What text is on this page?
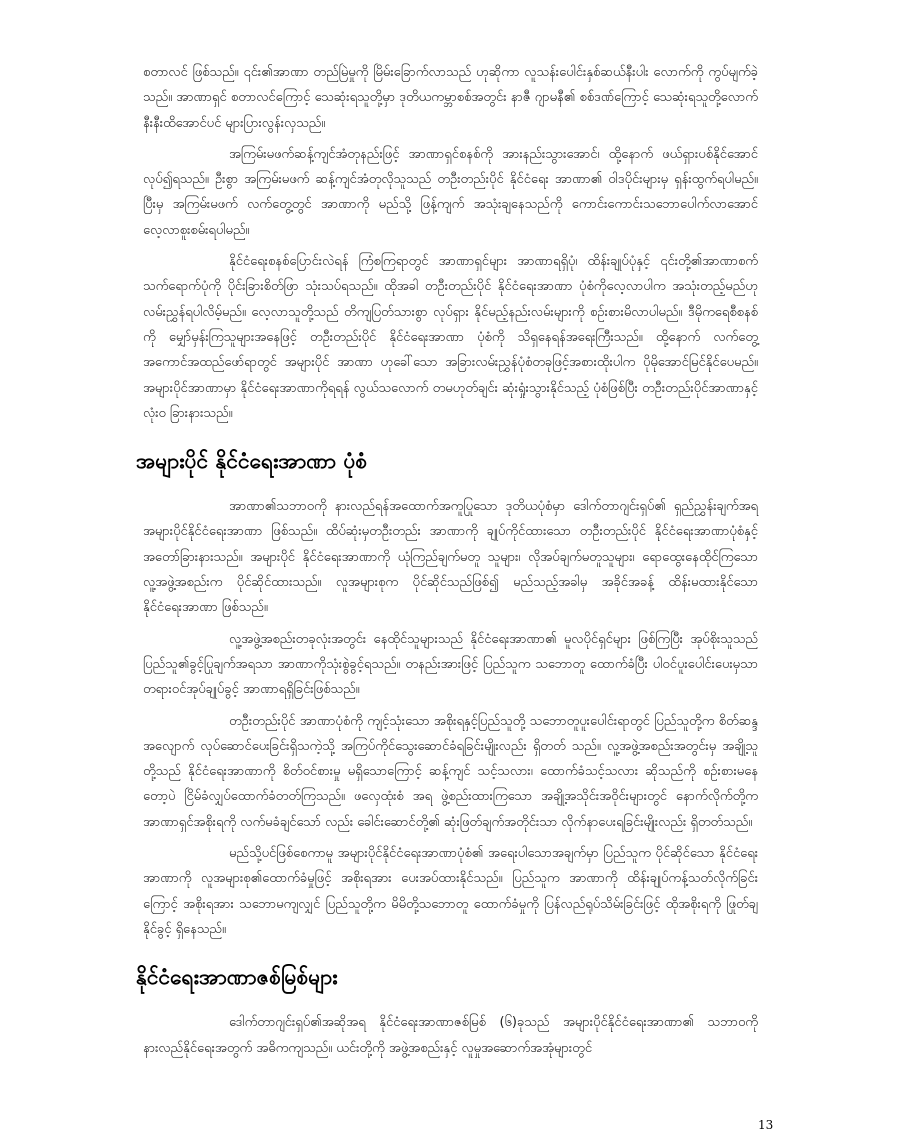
စတာလင် ဖြစ်သည်။ ၎င်း၏အာဏာ တည်မြဲမှုကို မြိမ်းခြောက်လာသည် ဟုဆိုကာ လူသန်းပေါင်းနှစ်ဆယ်နီးပါး လောက်ကို ကွပ်မျက်ခဲ့သည်။ အာဏာရှင် စတာလင်ကြောင့် သေဆုံးရသူတို့မှာ ဒုတိယကမ္ဘာစစ်အတွင်း နာဇီ ဂျာမနီ၏ စစ်ဒဏ်ကြောင့် သေဆုံးရသူတို့လောက်နီးနီးထိအောင်ပင် များပြားလွန်းလှသည်။

အကြမ်းမဖက်ဆန့်ကျင်အံတုနည်းဖြင့် အာဏာရှင်စနစ်ကို အားနည်းသွားအောင်၊ ထို့နောက် ဖယ်ရှားပစ်နိုင်အောင် လုပ်၍ရသည်။ ဦးစွာ အကြမ်းမဖက် ဆန့်ကျင်အံတုလိုသူသည် တဦးတည်းပိုင် နိုင်ငံရေး အာဏာ၏ ဝါဒပိုင်းများမှ ရှန်းထွက်ရပါမည်။ ပြီးမှ အကြမ်းမဖက် လက်တွေ့တွင် အာဏာကို မည်သို့ ဖြန့်ကျက် အသုံးချနေသည်ကို ကောင်းကောင်းသဘောပေါက်လာအောင် လေ့လာစူးစမ်းရပါမည်။

နိုင်ငံရေးစနစ်ပြောင်းလဲရန် ကြံစကြရာတွင် အာဏာရှင်များ အာဏာရရှိပုံ၊ ထိန်းချုပ်ပုံနှင့် ၎င်းတို့၏အာဏာစက် သက်ရောက်ပုံကို ပိုင်းခြားစိတ်ဖြာ သုံးသပ်ရသည်။ ထိုအခါ တဦးတည်းပိုင် နိုင်ငံရေးအာဏာ ပုံစံကိုလေ့လာပါက အသုံးတည့်မည်ဟု လမ်းညွှန်ရပါလိမ့်မည်။ လေ့လာသူတို့သည် တိကျပြတ်သားစွာ လုပ်ရှား နိုင်မည့်နည်းလမ်းများကို စဉ်းစားမိလာပါမည်။ ဒီမိုကရေစီစနစ်ကို မျှော်မှန်းကြသူများအနေဖြင့် တဦးတည်းပိုင် နိုင်ငံရေးအာဏာ ပုံစံကို သိရှနေရန်အရေးကြီးသည်။ ထို့နောက် လက်တွေ့အကောင်အထည်ဖော်ရာတွင် အများပိုင် အာဏာ ဟုခေါ်သော အခြားလမ်းညွှန်ပုံစံတခုဖြင့်အစားထိုးပါက ပိုမိုအောင်မြင်နိုင်ပေမည်။ အများပိုင်အာဏာမှာ နိုင်ငံရေးအာဏာကိုရရန် လွယ်သလောက် တမဟုတ်ချင်း ဆုံးရှုံးသွားနိုင်သည့် ပုံစံဖြစ်ပြီး တဦးတည်းပိုင်အာဏာနှင့် လုံးဝ ခြားနားသည်။

အများပိုင် နိုင်ငံရေးအာဏာ ပုံစံ

အာဏာ၏သဘာဝကို နားလည်ရန်အထောက်အကူပြုသော ဒုတိယပုံစံမှာ ဒေါက်တာဂျင်းရှပ်၏ ရှည်ညွှန်းချက်အရ အများပိုင်နိုင်ငံရေးအာဏာ ဖြစ်သည်။ ထိပ်ဆုံးမှတဦးတည်း အာဏာကို ချုပ်ကိုင်ထားသော တဦးတည်းပိုင် နိုင်ငံရေးအာဏာပုံစံနှင့် အတော်ခြားနားသည်။ အများပိုင် နိုင်ငံရေးအာဏာကို ယုံကြည်ချက်မတူ သူများ၊ လိုအပ်ချက်မတူသူများ၊ ရောထွေးနေထိုင်ကြသော လူ့အဖွဲ့အစည်းက ပိုင်ဆိုင်ထားသည်။ လူအများစုက ပိုင်ဆိုင်သည်ဖြစ်၍ မည်သည့်အခါမှ အခိုင်အခန့် ထိန်းမထားနိုင်သော နိုင်ငံရေးအာဏာ ဖြစ်သည်။

လူ့အဖွဲ့အစည်းတခုလုံးအတွင်း နေထိုင်သူများသည် နိုင်ငံရေးအာဏာ၏ မူလပိုင်ရှင်များ ဖြစ်ကြပြီး အုပ်စိုးသူသည် ပြည်သူ၏ခွင့်ပြုချက်အရသာ အာဏာကိုသုံးစွဲခွင့်ရသည်။ တနည်းအားဖြင့် ပြည်သူက သဘောတူ ထောက်ခံပြီး ပါဝင်ပူးပေါင်းပေးမှသာ တရားဝင်အုပ်ချုပ်ခွင့် အာဏာရရှိခြင်းဖြစ်သည်။

တဦးတည်းပိုင် အာဏာပုံစံကို ကျင့်သုံးသော အစိုးရနှင့်ပြည်သူတို့ သဘောတူပူးပေါင်းရာတွင် ပြည်သူတို့က စိတ်ဆန္ဒအလျောက် လုပ်ဆောင်ပေးခြင်းရှိသကဲ့သို့ အကြပ်ကိုင်သွေးဆောင်ခံရခြင်းမျိုးလည်း ရှိတတ် သည်။ လူ့အဖွဲ့အစည်းအတွင်းမှ အချို့သူတို့သည် နိုင်ငံရေးအာဏာကို စိတ်ဝင်စားမှု မရှိသောကြောင့် ဆန့်ကျင် သင့်သလား၊ ထောက်ခံသင့်သလား ဆိုသည်ကို စဉ်းစားမနေတော့ပဲ ငြိမ်ခံလျှပ်ထောက်ခံတတ်ကြသည်။ ဖလှေထုံးစံ အရ ဖွဲ့စည်းထားကြသော အချို့အသိုင်းအဝိုင်းများတွင် နောက်လိုက်တို့က အာဏာရှင်အစိုးရကို လက်မခံချင်သော် လည်း ခေါင်းဆောင်တို့၏ ဆုံးဖြတ်ချက်အတိုင်းသာ လိုက်နာပေးရခြင်းမျိုးလည်း ရှိတတ်သည်။

မည်သို့ပင်ဖြစ်စေကာမူ အများပိုင်နိုင်ငံရေးအာဏာပုံစံ၏ အရေးပါသောအချက်မှာ ပြည်သူက ပိုင်ဆိုင်သော နိုင်ငံရေး အာဏာကို လူအများစု၏ထောက်ခံမှုဖြင့် အစိုးရအား ပေးအပ်ထားနိုင်သည်။ ပြည်သူက အာဏာကို ထိန်းချုပ်ကန့်သတ်လိုက်ခြင်းကြောင့် အစိုးရအား သဘောမကျလျှင် ပြည်သူတို့က မိမိတို့သဘောတူ ထောက်ခံမှုကို ပြန်လည်ရုပ်သိမ်းခြင်းဖြင့် ထိုအစိုးရကို ဖြုတ်ချ နိုင်ခွင့် ရှိနေသည်။

နိုင်ငံရေးအာဏာဇစ်မြစ်များ

ဒေါက်တာဂျင်းရှပ်၏အဆိုအရ နိုင်ငံရေးအာဏာဇစ်မြစ် (၆)ခုသည် အများပိုင်နိုင်ငံရေးအာဏာ၏ သဘာဝကို နားလည်နိုင်ရေးအတွက် အဓိကကျသည်။ ယင်းတို့ကို အဖွဲ့အစည်းနှင့် လူမှုအဆောက်အအုံများတွင်

13
